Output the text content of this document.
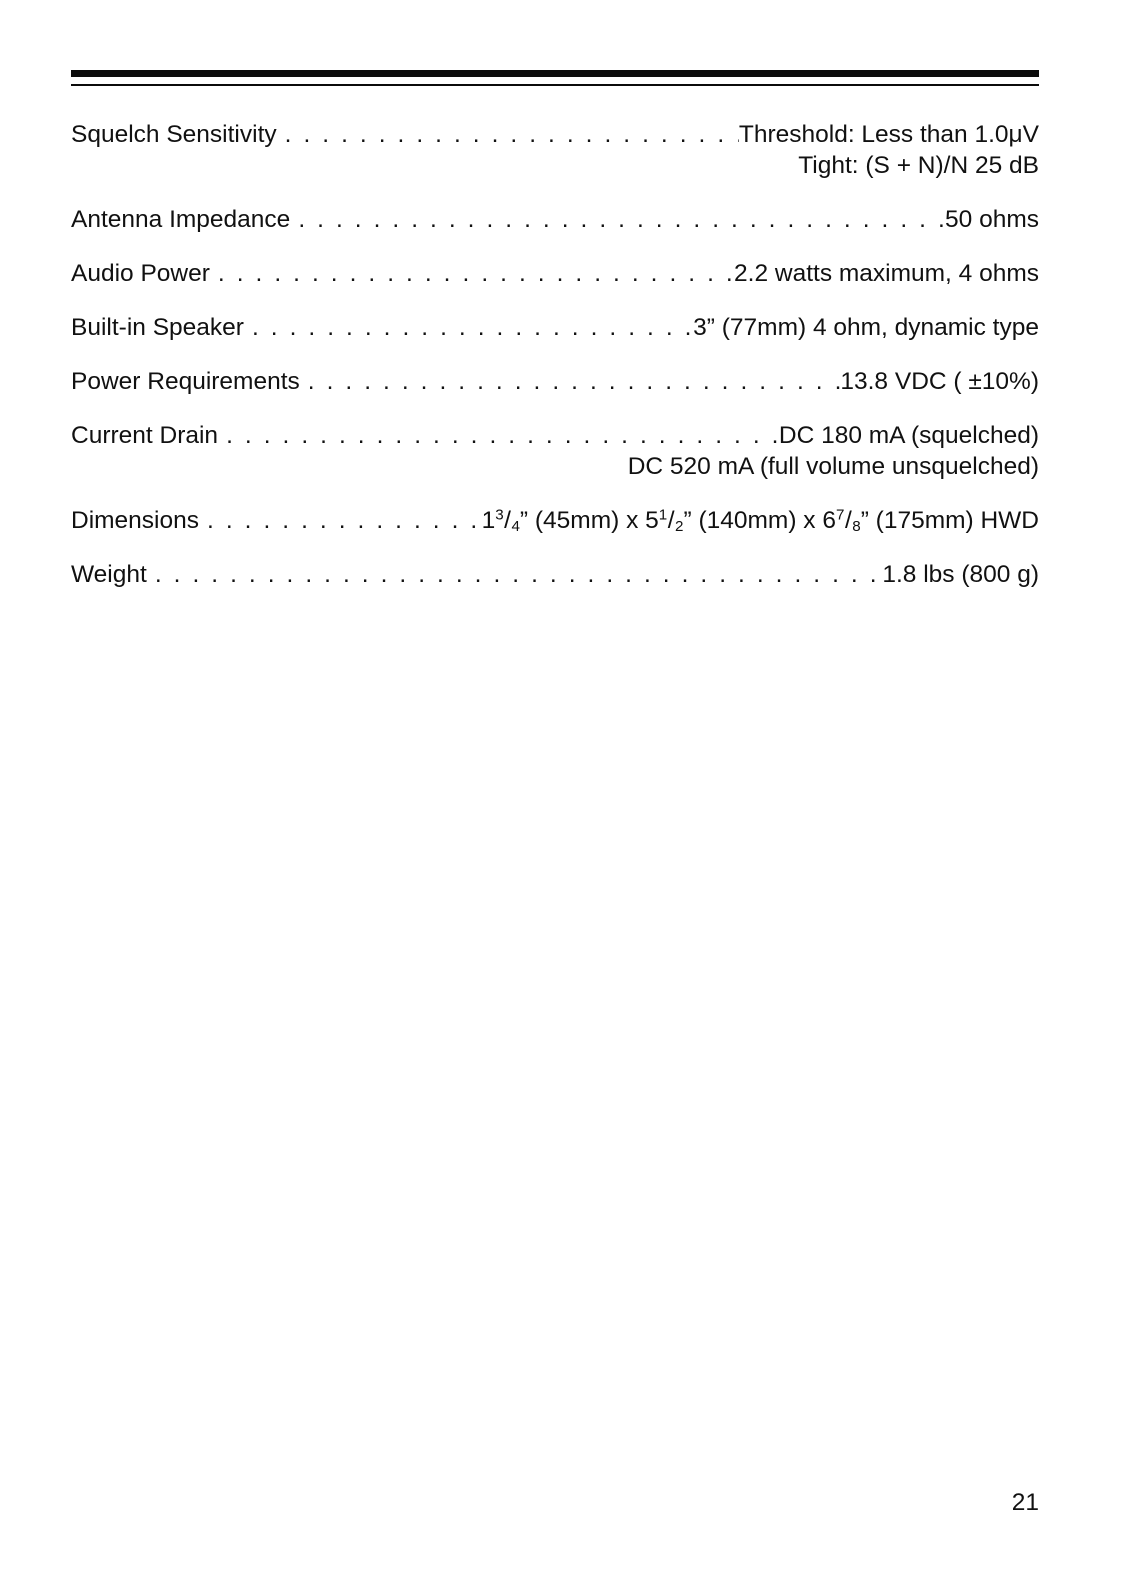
Squelch Sensitivity . . .	Threshold: Less than 1.0μV
Tight: (S + N)/N 25 dB
Antenna Impedance . . .	50 ohms
Audio Power . . .	2.2 watts maximum, 4 ohms
Built-in Speaker . . .	3” (77mm) 4 ohm, dynamic type
Power Requirements . . .	13.8 VDC ( ±10%)
Current Drain . . .	DC 180 mA (squelched)
DC 520 mA (full volume unsquelched)
Dimensions . . .	$1^3/_4$” (45mm) x $5^1/_2$” (140mm) x $6^7/_8$” (175mm) HWD
Weight . . .	1.8 lbs (800 g)
21
